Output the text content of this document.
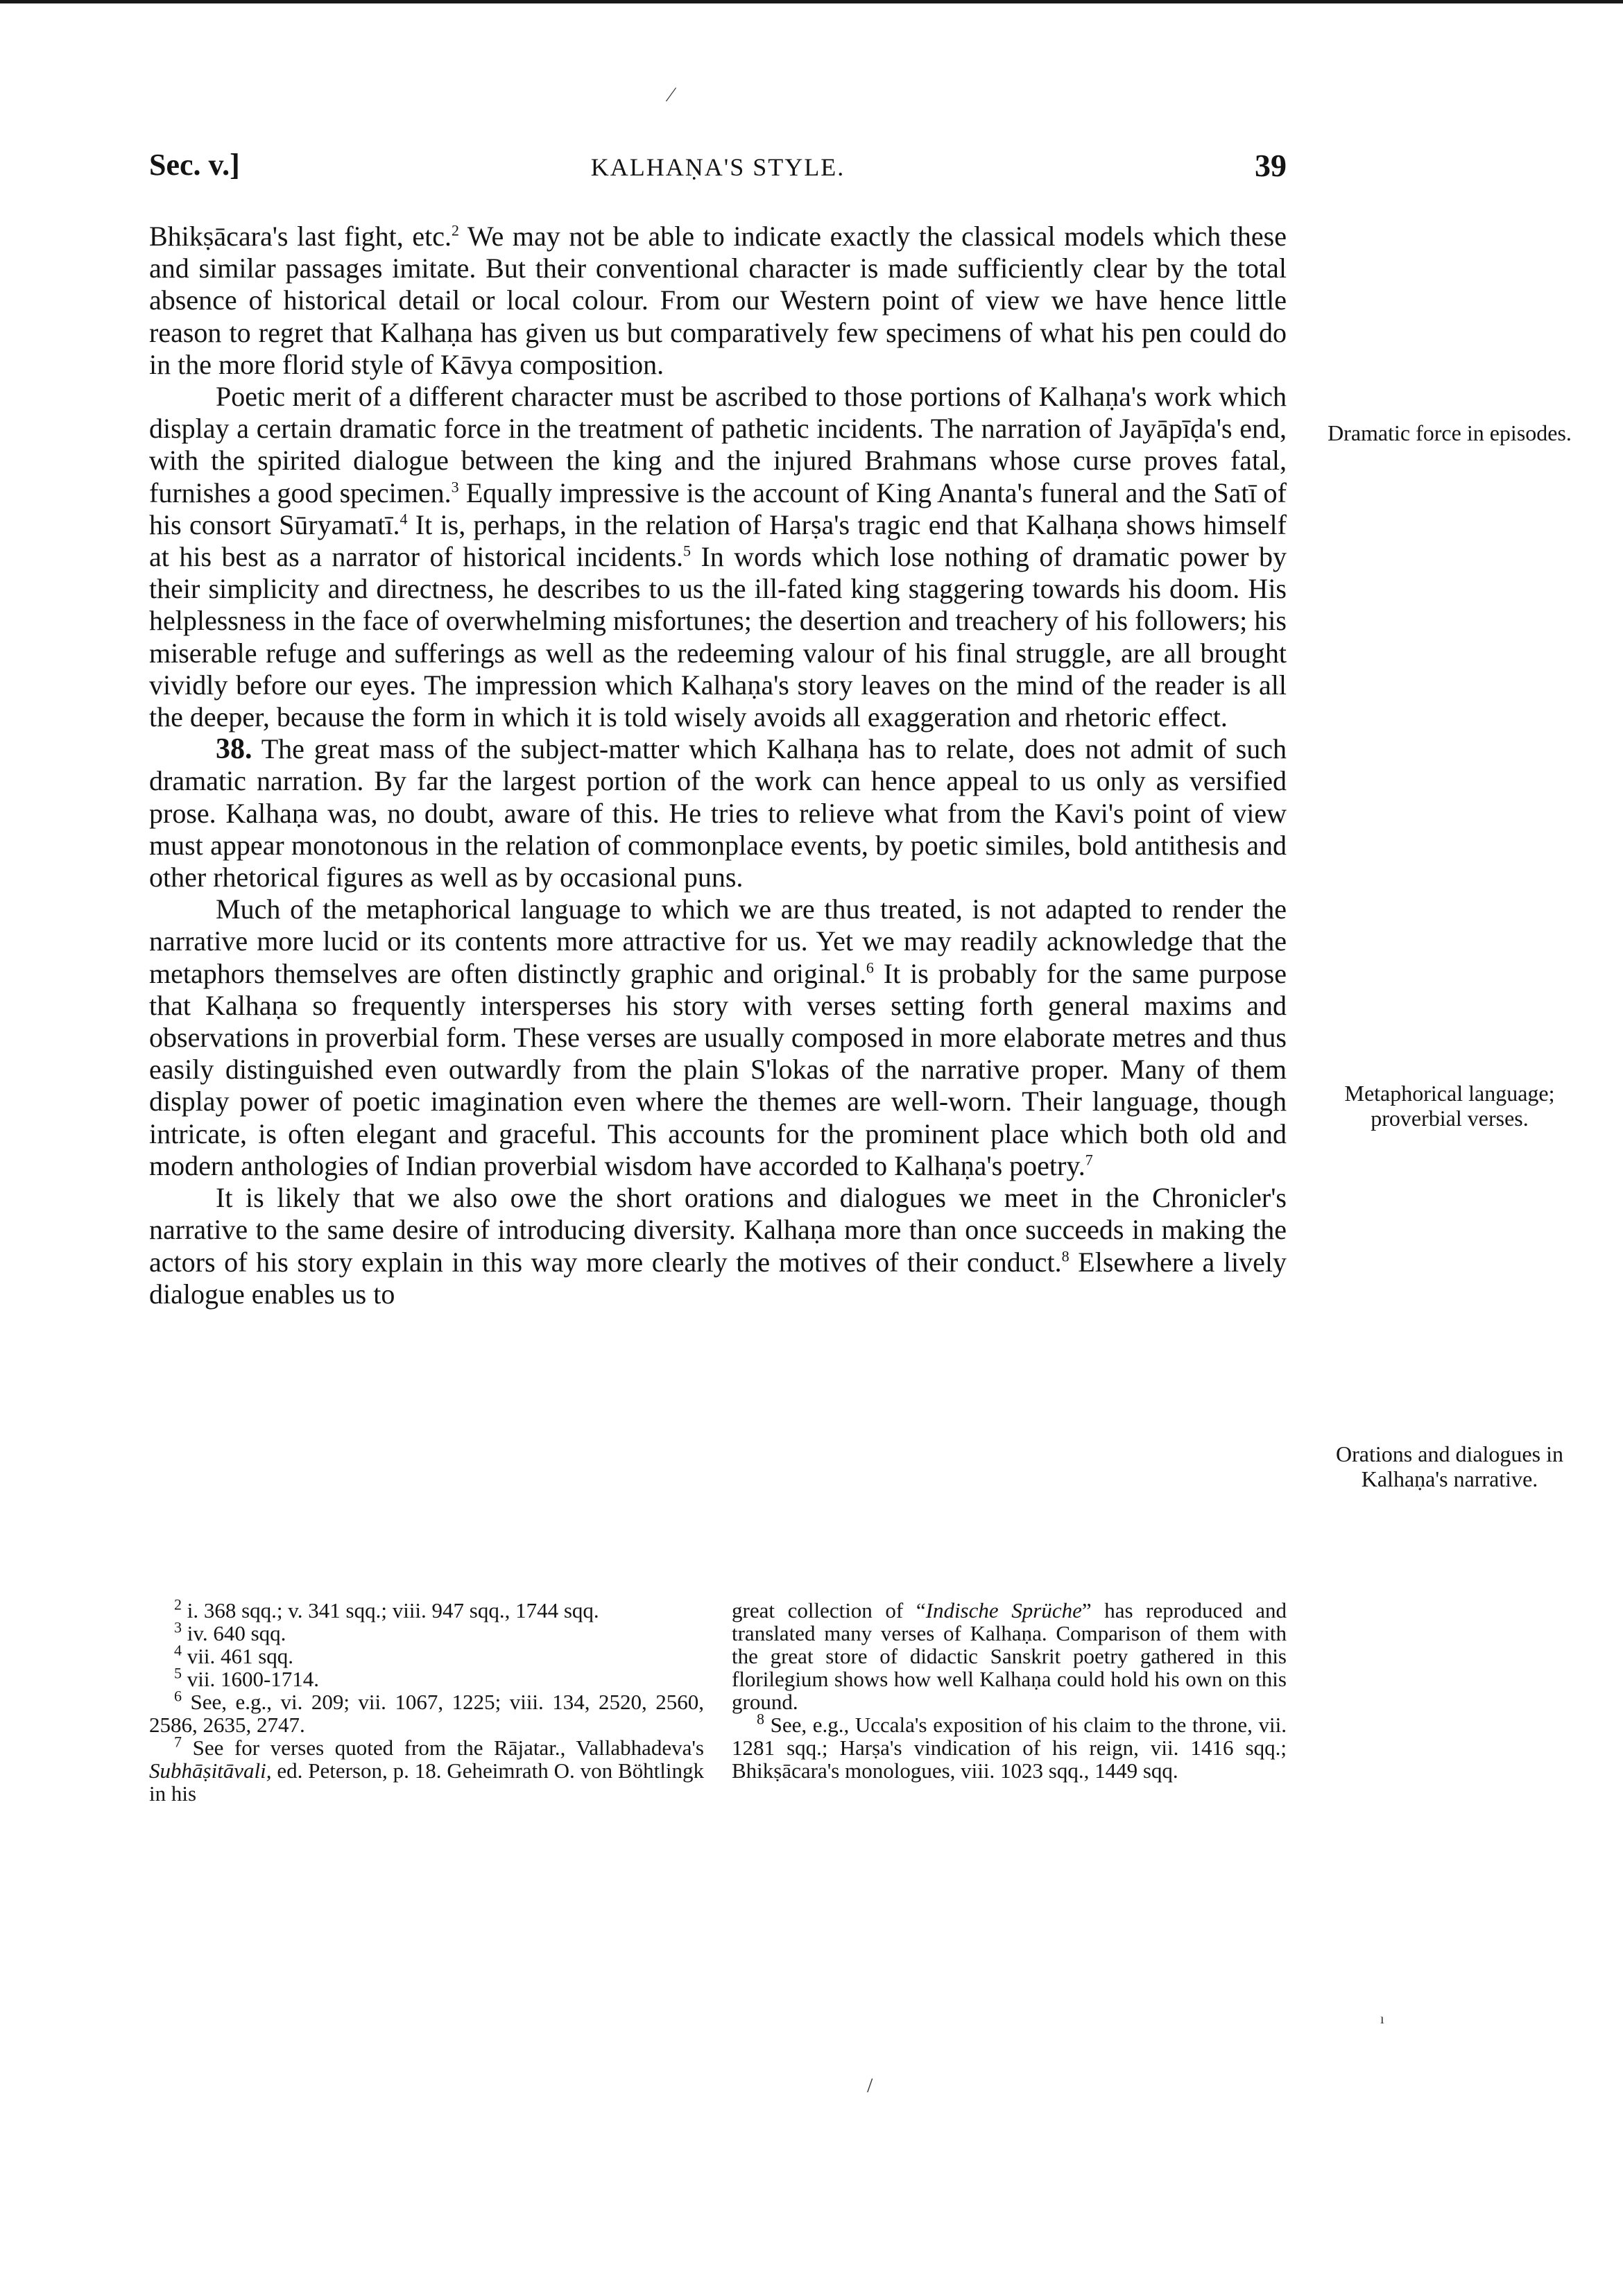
Sec. v.]	KALHAṆA'S STYLE.	39

Bhikṣācara's last fight, etc.$^2$ We may not be able to indicate exactly the classical models which these and similar passages imitate. But their conventional character is made sufficiently clear by the total absence of historical detail or local colour. From our Western point of view we have hence little reason to regret that Kalhaṇa has given us but comparatively few specimens of what his pen could do in the more florid style of Kāvya composition.

Poetic merit of a different character must be ascribed to those portions of Kalhaṇa's work which display a certain dramatic force in the treatment of pathetic incidents. The narration of Jayāpīḍa's end, with the spirited dialogue between the king and the injured Brahmans whose curse proves fatal, furnishes a good specimen.$^3$ Equally impressive is the account of King Ananta's funeral and the Satī of his consort Sūryamatī.$^4$ It is, perhaps, in the relation of Harṣa's tragic end that Kalhaṇa shows himself at his best as a narrator of historical incidents.$^5$ In words which lose nothing of dramatic power by their simplicity and directness, he describes to us the ill-fated king staggering towards his doom. His helplessness in the face of overwhelming misfortunes; the desertion and treachery of his followers; his miserable refuge and sufferings as well as the redeeming valour of his final struggle, are all brought vividly before our eyes. The impression which Kalhaṇa's story leaves on the mind of the reader is all the deeper, because the form in which it is told wisely avoids all exaggeration and rhetoric effect.

38. The great mass of the subject-matter which Kalhaṇa has to relate, does not admit of such dramatic narration. By far the largest portion of the work can hence appeal to us only as versified prose. Kalhaṇa was, no doubt, aware of this. He tries to relieve what from the Kavi's point of view must appear monotonous in the relation of commonplace events, by poetic similes, bold antithesis and other rhetorical figures as well as by occasional puns.

Much of the metaphorical language to which we are thus treated, is not adapted to render the narrative more lucid or its contents more attractive for us. Yet we may readily acknowledge that the metaphors themselves are often distinctly graphic and original.$^6$ It is probably for the same purpose that Kalhaṇa so frequently intersperses his story with verses setting forth general maxims and observations in proverbial form. These verses are usually composed in more elaborate metres and thus easily distinguished even outwardly from the plain S'lokas of the narrative proper. Many of them display power of poetic imagination even where the themes are well-worn. Their language, though intricate, is often elegant and graceful. This accounts for the prominent place which both old and modern anthologies of Indian proverbial wisdom have accorded to Kalhaṇa's poetry.$^7$

It is likely that we also owe the short orations and dialogues we meet in the Chronicler's narrative to the same desire of introducing diversity. Kalhaṇa more than once succeeds in making the actors of his story explain in this way more clearly the motives of their conduct.$^8$ Elsewhere a lively dialogue enables us to

Dramatic force in episodes.
Metaphorical language; proverbial verses.
Orations and dialogues in Kalhaṇa's narrative.

$^2$ i. 368 sqq.; v. 341 sqq.; viii. 947 sqq., 1744 sqq.

$^3$ iv. 640 sqq.

$^4$ vii. 461 sqq.

$^5$ vii. 1600-1714.

$^6$ See, e.g., vi. 209; vii. 1067, 1225; viii. 134, 2520, 2560, 2586, 2635, 2747.

$^7$ See for verses quoted from the Rājatar., Vallabhadeva's Subhāṣitāvali, ed. Peterson, p. 18. Geheimrath O. von Böhtlingk in his

great collection of “Indische Sprüche” has reproduced and translated many verses of Kalhaṇa. Comparison of them with the great store of didactic Sanskrit poetry gathered in this florilegium shows how well Kalhaṇa could hold his own on this ground.

$^8$ See, e.g., Uccala's exposition of his claim to the throne, vii. 1281 sqq.; Harṣa's vindication of his reign, vii. 1416 sqq.; Bhikṣācara's monologues, viii. 1023 sqq., 1449 sqq.

⁄
/
ı
